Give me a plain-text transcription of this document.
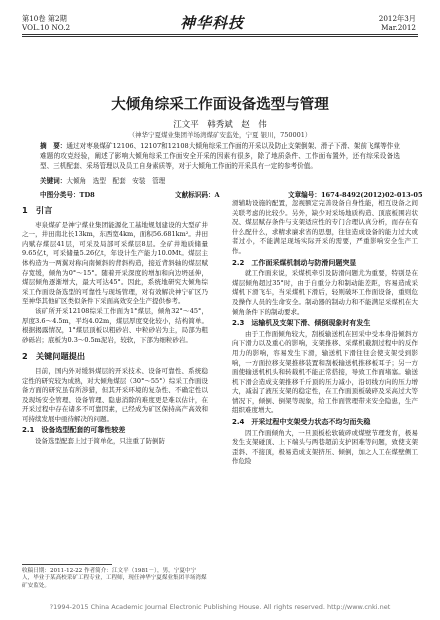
第10卷 第2期
VOL.10 NO.2	神华科技	2012年3月
Mar.2012
大倾角综采工作面设备选型与管理
江文平　韩秀斌　赵　伟
（神华宁夏煤业集团羊场湾煤矿安监处，宁夏 银川，750001）
摘　要：通过对枣泉煤矿12106、12107和12108大倾角综采工作面的开采以及防止支架倒架、滑子下滑、架前飞煤等作业难题的攻克经验，阐述了影响大倾角综采工作面安全开采的因素有很多，除了地质条件、工作面布置外，还有综采设备选型、三机配套、采场管理以及员工自身素质等，对于大倾角工作面的开采具有一定的参考价值。
关键词：大倾角　选型　配套　安装　管理
中图分类号：TD8	文献标识码：A	文章编号：1674-8492(2012)02-013-05
1　引言

枣泉煤矿是神宁煤业集团能源化工基地规划建设的大型矿井之一，井田南北长13km，东西宽4km，面积56.681km²。井田内赋存煤层41层，可采及局部可采煤层8层。全矿井地质储量9.65亿t，可采储量5.26亿t，年设计生产能力10.0Mt。煤层主体构造为一两翼对称向南倾斜的背斜构造，接近背斜轴的煤层赋存宽缓，倾角为0°～15°。随着开采深度的增加和向边坍延伸，煤层倾角逐渐增大，最大可达45°。因此，系统地研究大倾角综采工作面设备选型的可靠性与现场管理，对有效解决神宁矿区乃至神华其他矿区类似条件下采面高效安全生产提供参考。

该矿所开采12108综采工作面为1°煤层，倾角32°～45°，厚度3.6～4.5m，平均4.02m，煤层厚度变化较小，结构简单。根据揭露情况，1°煤层顶板以粗砂岩、中粒砂岩为主，局部为粗砂砾岩；底板为0.3～0.5m泥岩，较软，下部为细粒砂岩。

2　关键问题提出

目前，国内外对缓斜煤层的开采技术、设备可靠性、系统稳定性的研究较为成熟，对大倾角煤层（30°～55°）综采工作面设备方面的研究虽有所涉猎，但其开采环境的复杂性、不确定性以及现场安全管理、设备管理、隐患消除的难度更是难以估计，在开采过程中存在诸多不可靠因素，已经成为矿区保持高产高效和可持续发展中亟待解决的问题。

2.1　设备选型配套的可靠性较差

设备选型配套上过于简单化，只注重了防倒防

收稿日期：2011-12-22 作者简介：江文平（1981－），男，宁夏中宁人，毕业于某高校采矿工程专业，工程师，现任神华宁夏煤业集团羊场湾煤矿安监处。

滑辅助设施的配置，忽视额定完善设备自身性能，相互设备之间关联考虑的比较少。另外，缺少对采场地质构造、顶底板围岩状况、煤层赋存条件与支架适应性的专门合理认真分析，而存在有什么配什么，求精求廉求省的思想，往往造成设备的能力过大或者过小，不能满足现场实际开采的需要，严重影响安全生产工作。

2.2　工作面采煤机制动与防滑问题突显

就工作面来说，采煤机牵引及防滑问题尤为重要，特别是在煤层倾角超过35°时，由于自重分力和制动能差距，容易造成采煤机下滑飞车，当采煤机下滑后，轻则破坏工作面设备，重则危及操作人员的生命安全。制动器的制动力和不能满足采煤机在大倾角条件下的制动要求。

2.3　运输机及支架下滑、倾倒现象时有发生

由于工作面倾角较大，刮板输送机在回采中受本身沿倾斜方向下滑力以及重心的影响，支架推移、采煤机截割过程中的反作用力的影响，容易发生下滑，输送机下滑往往会使支架受到影响，一方面拉移支架推移装置和刮板输送机推移板耳子；另一方面使输送机机头和转载机不能正常搭接，导致工作面堵塞。输送机下滑会造成支架推移千斤顶的压力减小，沿切线方向的压力增大，减弱了液压支架的稳定性，在工作面顶板破碎及采高过大等情况下，倾倒、倒架等现象，给工作面管理带来安全隐患，生产组织难度增大。

2.4　开采过程中支架受力状态不均匀而失稳

因工作面倾角大，一旦顶板松软破碎或煤壁节理发育，极易发生支架碰顶、上下端头与两巷超前支护困难等问题，致使支架歪斜、不接顶，极易造成支架挤压、倾倒，加之人工在煤壁侧工作危险

?1994-2015 China Academic Journal Electronic Publishing House. All rights reserved. http://www.cnki.net
